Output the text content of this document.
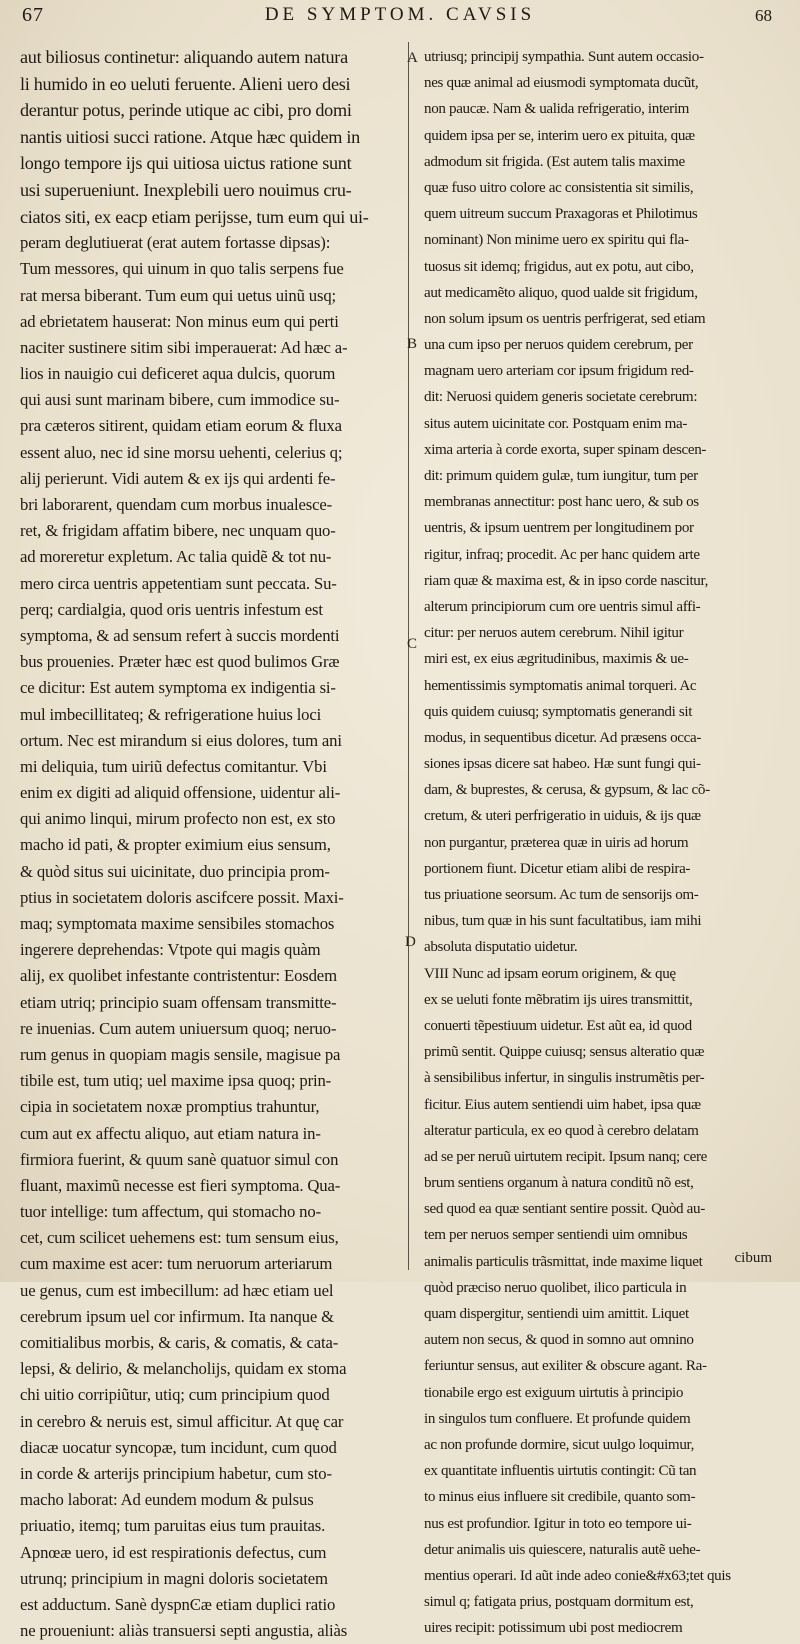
67	DE SYMPTOM. CAVSIS	68
aut biliosus continetur: aliquando autem natura
li humido in eo ueluti feruente. Alieni uero desi
derantur potus, perinde utique ac cibi, pro domi
nantis uitiosi succi ratione. Atque hæc quidem in
longo tempore ijs qui uitiosa uictus ratione sunt
usi superueniunt. Inexplebili uero nouimus cru-
ciatos siti, ex eacp etiam perijsse, tum eum qui ui-
peram deglutiuerat (erat autem fortasse dipsas):
Tum messores, qui uinum in quo talis serpens fue
rat mersa biberant. Tum eum qui uetus uinũ usq;
ad ebrietatem hauserat: Non minus eum qui perti
naciter sustinere sitim sibi imperauerat: Ad hæc a-
lios in nauigio cui deficeret aqua dulcis, quorum
qui ausi sunt marinam bibere, cum immodice su-
pra cæteros sitirent, quidam etiam eorum & fluxa
essent aluo, nec id sine morsu uehenti, celerius q;
alij perierunt. Vidi autem & ex ijs qui ardenti fe-
bri laborarent, quendam cum morbus inualesce-
ret, & frigidam affatim bibere, nec unquam quo-
ad moreretur expletum. Ac talia quidẽ & tot nu-
mero circa uentris appetentiam sunt peccata. Su-
perq; cardialgia, quod oris uentris infestum est
symptoma, & ad sensum refert à succis mordenti
bus prouenies. Præter hæc est quod bulimos Græ
ce dicitur: Est autem symptoma ex indigentia si-
mul imbecillitateq; & refrigeratione huius loci
ortum. Nec est mirandum si eius dolores, tum ani
mi deliquia, tum uiriũ defectus comitantur. Vbi
enim ex digiti ad aliquid offensione, uidentur ali-
qui animo linqui, mirum profecto non est, ex sto
macho id pati, & propter eximium eius sensum,
& quòd situs sui uicinitate, duo principia prom-
ptius in societatem doloris ascifcere possit. Maxi-
maq; symptomata maxime sensibiles stomachos
ingerere deprehendas: Vtpote qui magis quàm
alij, ex quolibet infestante contristentur: Eosdem
etiam utriq; principio suam offensam transmitte-
re inuenias. Cum autem uniuersum quoq; neruo-
rum genus in quopiam magis sensile, magisue pa
tibile est, tum utiq; uel maxime ipsa quoq; prin-
cipia in societatem noxæ promptius trahuntur,
cum aut ex affectu aliquo, aut etiam natura in-
firmiora fuerint, & quum sanè quatuor simul con
fluant, maximũ necesse est fieri symptoma. Qua-
tuor intellige: tum affectum, qui stomacho no-
cet, cum scilicet uehemens est: tum sensum eius,
cum maxime est acer: tum neruorum arteriarum
ue genus, cum est imbecillum: ad hæc etiam uel
cerebrum ipsum uel cor infirmum. Ita nanque &
comitialibus morbis, & caris, & comatis, & cata-
lepsi, & delirio, & melancholijs, quidam ex stoma
chi uitio corripiũtur, utiq; cum principium quod
in cerebro & neruis est, simul afficitur. At quę car
diacæ uocatur syncopæ, tum incidunt, cum quod
in corde & arterijs principium habetur, cum sto-
macho laborat: Ad eundem modum & pulsus
priuatio, itemq; tum paruitas eius tum prauitas.
Apnœæ uero, id est respirationis defectus, cum
utrunq; principium in magni doloris societatem
est adductum. Sanè dyspnϾæ etiam duplici ratio
ne proueniunt: aliàs transuersi septi angustia, aliàs
utriusq; principij sympathia. Sunt autem occasio-
nes quæ animal ad eiusmodi symptomata ducũt,
non paucæ. Nam & ualida refrigeratio, interim
quidem ipsa per se, interim uero ex pituita, quæ
admodum sit frigida. (Est autem talis maxime
quæ fuso uitro colore ac consistentia sit similis,
quem uitreum succum Praxagoras et Philotimus
nominant) Non minime uero ex spiritu qui fla-
tuosus sit idemq; frigidus, aut ex potu, aut cibo,
aut medicamẽto aliquo, quod ualde sit frigidum,
non solum ipsum os uentris perfrigerat, sed etiam
una cum ipso per neruos quidem cerebrum, per
magnam uero arteriam cor ipsum frigidum red-
dit: Neruosi quidem generis societate cerebrum:
situs autem uicinitate cor. Postquam enim ma-
xima arteria à corde exorta, super spinam descen-
dit: primum quidem gulæ, tum iungitur, tum per
membranas annectitur: post hanc uero, & sub os
uentris, & ipsum uentrem per longitudinem por
rigitur, infraq; procedit. Ac per hanc quidem arte
riam quæ & maxima est, & in ipso corde nascitur,
alterum principiorum cum ore uentris simul affi-
citur: per neruos autem cerebrum. Nihil igitur
miri est, ex eius ægritudinibus, maximis & ue-
hementissimis symptomatis animal torqueri. Ac
quis quidem cuiusq; symptomatis generandi sit
modus, in sequentibus dicetur. Ad præsens occa-
siones ipsas dicere sat habeo. Hæ sunt fungi qui-
dam, & buprestes, & cerusa, & gypsum, & lac cõ-
cretum, & uteri perfrigeratio in uiduis, & ijs quæ
non purgantur, præterea quæ in uiris ad horum
portionem fiunt. Dicetur etiam alibi de respira-
tus priuatione seorsum. Ac tum de sensorijs om-
nibus, tum quæ in his sunt facultatibus, iam mihi
absoluta disputatio uidetur.
VIII Nunc ad ipsam eorum originem, & quę
ex se ueluti fonte mẽbratim ijs uires transmittit,
conuerti tẽpestiuum uidetur. Est aũt ea, id quod
primũ sentit. Quippe cuiusq; sensus alteratio quæ
à sensibilibus infertur, in singulis instrumẽtis per-
ficitur. Eius autem sentiendi uim habet, ipsa quæ
alteratur particula, ex eo quod à cerebro delatam
ad se per neruũ uirtutem recipit. Ipsum nanq; cere
brum sentiens organum à natura conditũ nõ est,
sed quod ea quæ sentiant sentire possit. Quòd au-
tem per neruos semper sentiendi uim omnibus
animalis particulis trãsmittat, inde maxime liquet
quòd præciso neruo quolibet, ilico particula in
quam dispergitur, sentiendi uim amittit. Liquet
autem non secus, & quod in somno aut omnino
feriuntur sensus, aut exiliter & obscure agant. Ra-
tionabile ergo est exiguum uirtutis à principio
in singulos tum confluere. Et profunde quidem
ac non profunde dormire, sicut uulgo loquimur,
ex quantitate influentis uirtutis contingit: Cũ tan
to minus eius influere sit credibile, quanto som-
nus est profundior. Igitur in toto eo tempore ui-
detur animalis uis quiescere, naturalis autẽ uehe-
mentius operari. Id aũt inde adeo conie&#x63;tet quis
simul q; fatigata prius, postquam dormitum est,
uires recipit: potissimum ubi post mediocrem
A
B
C
D
cibum
